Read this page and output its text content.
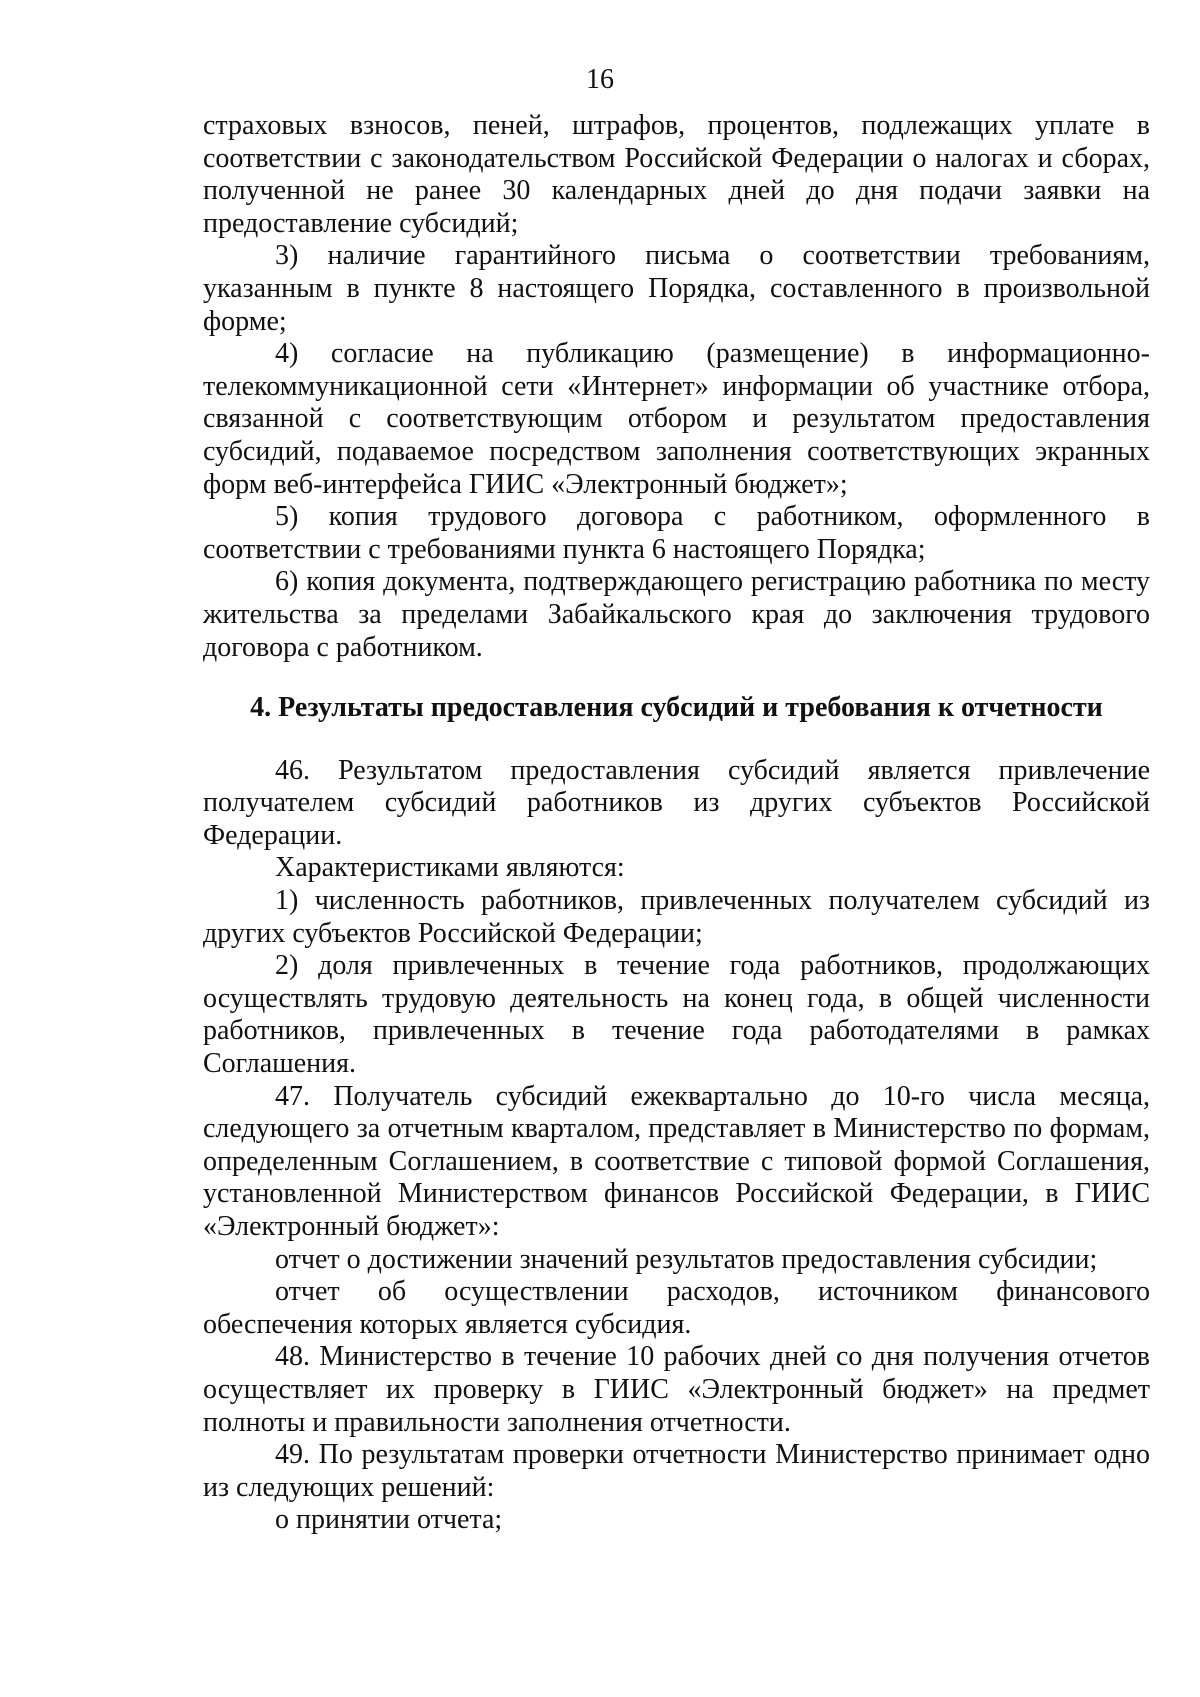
16

страховых взносов, пеней, штрафов, процентов, подлежащих уплате в соответствии с законодательством Российской Федерации о налогах и сборах, полученной не ранее 30 календарных дней до дня подачи заявки на предоставление субсидий;

3) наличие гарантийного письма о соответствии требованиям, указанным в пункте 8 настоящего Порядка, составленного в произвольной форме;

4) согласие на публикацию (размещение) в информационно-телекоммуникационной сети «Интернет» информации об участнике отбора, связанной с соответствующим отбором и результатом предоставления субсидий, подаваемое посредством заполнения соответствующих экранных форм веб-интерфейса ГИИС «Электронный бюджет»;

5) копия трудового договора с работником, оформленного в соответствии с требованиями пункта 6 настоящего Порядка;

6) копия документа, подтверждающего регистрацию работника по месту жительства за пределами Забайкальского края до заключения трудового договора с работником.

4. Результаты предоставления субсидий и требования к отчетности

46. Результатом предоставления субсидий является привлечение получателем субсидий работников из других субъектов Российской Федерации.

Характеристиками являются:

1) численность работников, привлеченных получателем субсидий из других субъектов Российской Федерации;

2) доля привлеченных в течение года работников, продолжающих осуществлять трудовую деятельность на конец года, в общей численности работников, привлеченных в течение года работодателями в рамках Соглашения.

47. Получатель субсидий ежеквартально до 10-го числа месяца, следующего за отчетным кварталом, представляет в Министерство по формам, определенным Соглашением, в соответствие с типовой формой Соглашения, установленной Министерством финансов Российской Федерации, в ГИИС «Электронный бюджет»:

отчет о достижении значений результатов предоставления субсидии;

отчет об осуществлении расходов, источником финансового обеспечения которых является субсидия.

48. Министерство в течение 10 рабочих дней со дня получения отчетов осуществляет их проверку в ГИИС «Электронный бюджет» на предмет полноты и правильности заполнения отчетности.

49. По результатам проверки отчетности Министерство принимает одно из следующих решений:

о принятии отчета;
